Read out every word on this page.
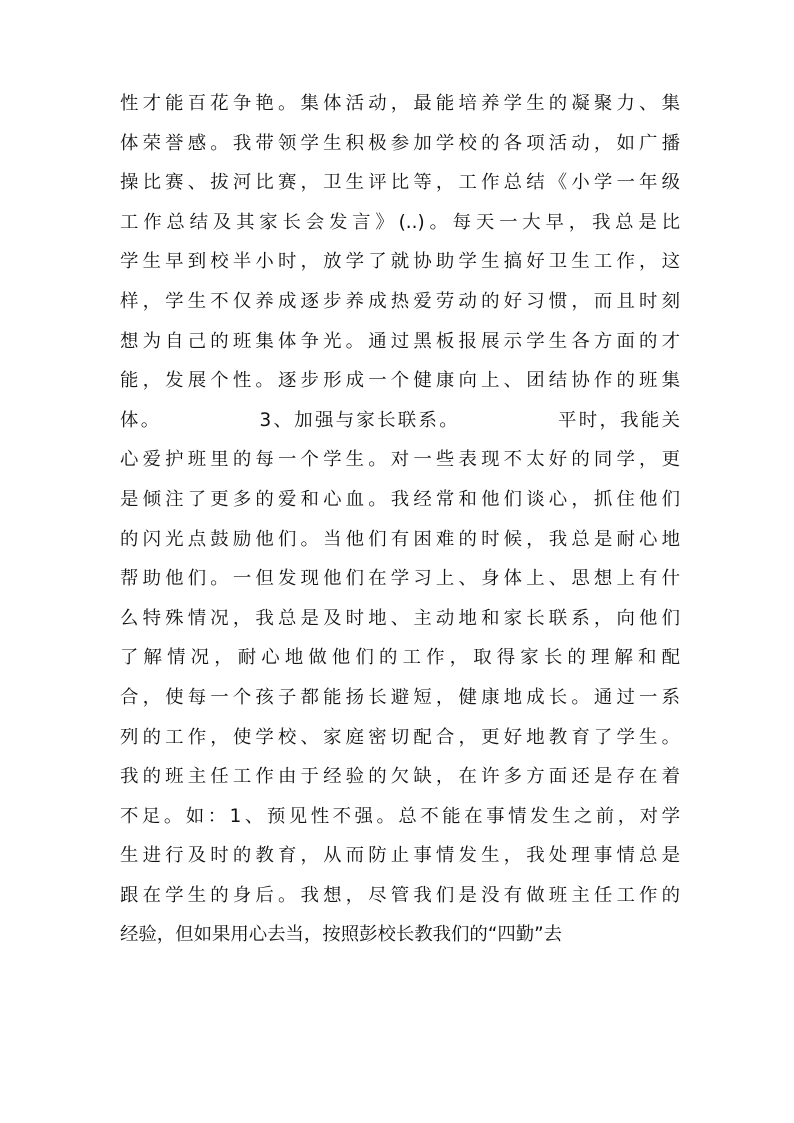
性才能百花争艳。集体活动，最能培养学生的凝聚力、集
体荣誉感。我带领学生积极参加学校的各项活动，如广播
操比赛、拔河比赛，卫生评比等，工作总结《小学一年级
工作总结及其家长会发言》(..)。每天一大早，我总是比
学生早到校半小时，放学了就协助学生搞好卫生工作，这
样，学生不仅养成逐步养成热爱劳动的好习惯，而且时刻
想为自己的班集体争光。通过黑板报展示学生各方面的才
能，发展个性。逐步形成一个健康向上、团结协作的班集
体。            3、加强与家长联系。            平时，我能关
心爱护班里的每一个学生。对一些表现不太好的同学，更
是倾注了更多的爱和心血。我经常和他们谈心，抓住他们
的闪光点鼓励他们。当他们有困难的时候，我总是耐心地
帮助他们。一但发现他们在学习上、身体上、思想上有什
么特殊情况，我总是及时地、主动地和家长联系，向他们
了解情况，耐心地做他们的工作，取得家长的理解和配
合，使每一个孩子都能扬长避短，健康地成长。通过一系
列的工作，使学校、家庭密切配合，更好地教育了学生。
我的班主任工作由于经验的欠缺，在许多方面还是存在着
不足。如：1、预见性不强。总不能在事情发生之前，对学
生进行及时的教育，从而防止事情发生，我处理事情总是
跟在学生的身后。我想，尽管我们是没有做班主任工作的
经验，但如果用心去当，按照彭校长教我们的“四勤”去
